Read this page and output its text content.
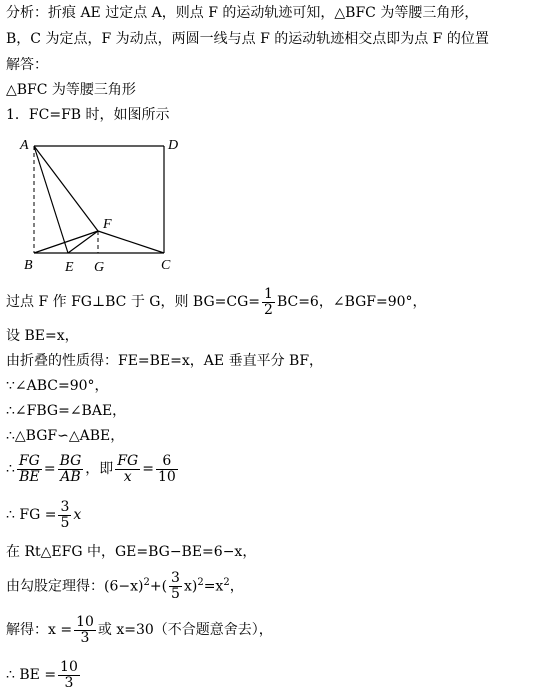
分析：折痕 AE 过定点 A，则点 F 的运动轨迹可知，△BFC 为等腰三角形，
B，C 为定点，F 为动点，两圆一线与点 F 的运动轨迹相交点即为点 F 的位置
解答：
△BFC 为等腰三角形
1．FC=FB 时，如图所示
A	D
F
B E G	C
过点 F 作 FG⊥BC 于 G，则 $BG=CG= \frac{1}{2} BC=6$，∠BGF=90°，
设 BE=x，
由折叠的性质得：FE=BE=x，AE 垂直平分 BF，
∵∠ABC=90°，
∴∠FBG=∠BAE，
∴△BGF∽△ABE，
∴ $\frac{FG}{BE} = \frac{BG}{AB}$ ，即 $\frac{FG}{x} = \frac{6}{10}$
∴ FG = $\frac{3}{5}$ x
在 Rt△EFG 中，GE=BG−BE=6−x，
由勾股定理得：$(6-x)^2+( \frac{3}{5} x)^2=x^2$，
解得：$x = \frac{10}{3}$ 或 x=30（不合题意舍去），
∴ BE = $\frac{10}{3}$
